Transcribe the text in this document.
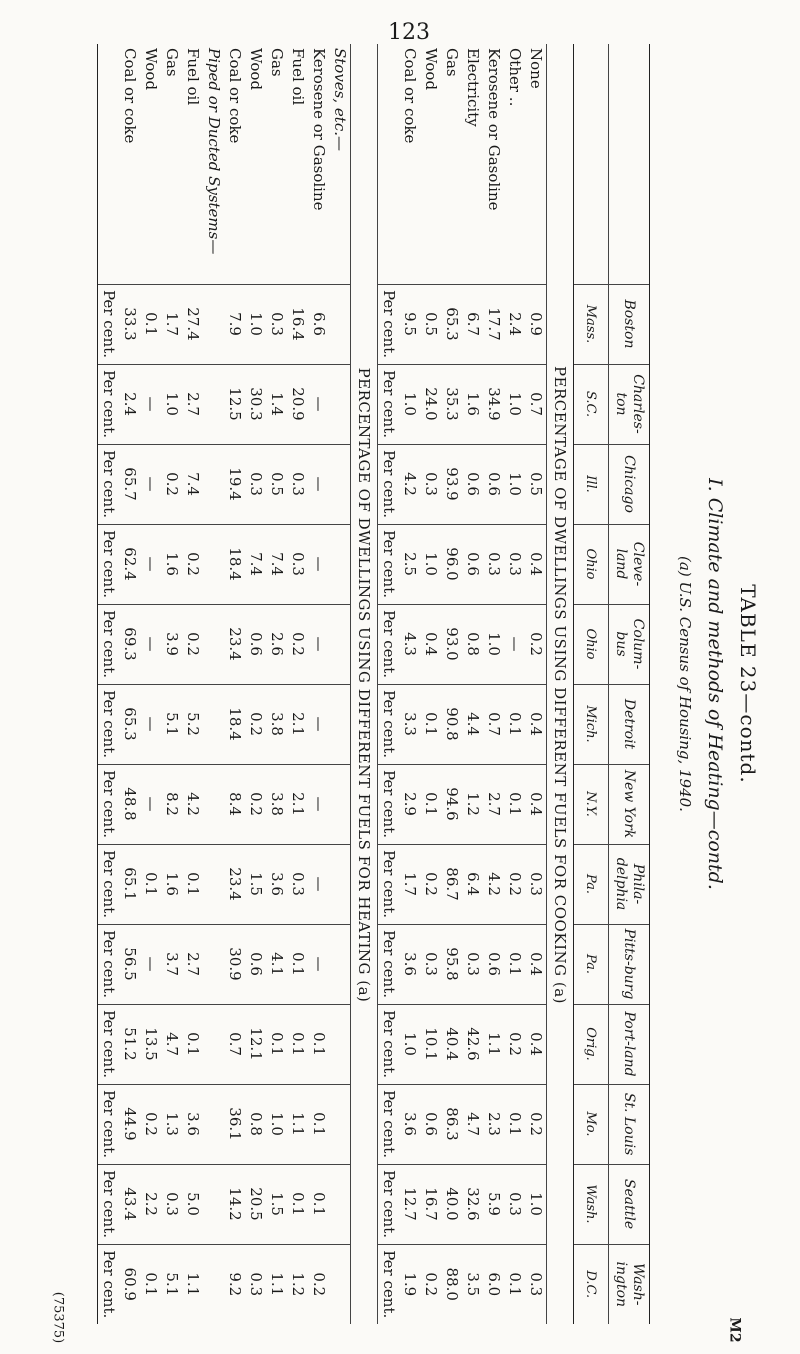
123
M2
(75375)
TABLE 23—contd.
I. Climate and methods of Heating—contd.
(a) U.S. Census of Housing, 1940.
	Boston	Charles-ton	Chicago	Cleve-land	Colum-bus	Detroit	New York	Phila-delphia	Pitts-burg	Port-land	St. Louis	Seattle	Wash-ington
	Mass.	S.C.	Ill.	Ohio	Ohio	Mich.	N.Y.	Pa.	Pa.	Orig.	Mo.	Wash.	D.C.
PERCENTAGE OF DWELLINGS USING DIFFERENT FUELS FOR COOKING (a)													
None	0.9	0.7	0.5	0.4	0.2	0.4	0.4	0.3	0.4	0.4	0.2	1.0	0.3
Other ..	2.4	1.0	1.0	0.3	—	0.1	0.1	0.2	0.1	0.2	0.1	0.3	0.1
Kerosene or Gasoline	17.7	34.9	0.6	0.3	1.0	0.7	2.7	4.2	0.6	1.1	2.3	5.9	6.0
Electricity	6.7	1.6	0.6	0.6	0.8	4.4	1.2	6.4	0.3	42.6	4.7	32.6	3.5
Gas	65.3	35.3	93.9	96.0	93.0	90.8	94.6	86.7	95.8	40.4	86.3	40.0	88.0
Wood	0.5	24.0	0.3	1.0	0.4	0.1	0.1	0.2	0.3	10.1	0.6	16.7	0.2
Coal or coke	9.5	1.0	4.2	2.5	4.3	3.3	2.9	1.7	3.6	1.0	3.6	12.7	1.9
	Per cent.	Per cent.	Per cent.	Per cent.	Per cent.	Per cent.	Per cent.	Per cent.	Per cent.	Per cent.	Per cent.	Per cent.	Per cent.
PERCENTAGE OF DWELLINGS USING DIFFERENT FUELS FOR HEATING (a)													
Stoves, etc.—													
Kerosene or Gasoline	6.6	—	—	—	—	—	—	—	—	0.1	0.1	0.1	0.2
Fuel oil	16.4	20.9	0.3	0.3	0.2	2.1	2.1	0.3	0.1	0.1	1.1	0.1	1.2
Gas	0.3	1.4	0.5	7.4	2.6	3.8	3.8	3.6	4.1	0.1	1.0	1.5	1.1
Wood	1.0	30.3	0.3	7.4	0.6	0.2	0.2	1.5	0.6	12.1	0.8	20.5	0.3
Coal or coke	7.9	12.5	19.4	18.4	23.4	18.4	8.4	23.4	30.9	0.7	36.1	14.2	9.2
Piped or Ducted Systems—													
Fuel oil	27.4	2.7	7.4	0.2	0.2	5.2	4.2	0.1	2.7	0.1	3.6	5.0	1.1
Gas	1.7	1.0	0.2	1.6	3.9	5.1	8.2	1.6	3.7	4.7	1.3	0.3	5.1
Wood	0.1	—	—	—	—	—	—	0.1	—	13.5	0.2	2.2	0.1
Coal or coke	33.3	2.4	65.7	62.4	69.3	65.3	48.8	65.1	56.5	51.2	44.9	43.4	60.9
	Per cent.	Per cent.	Per cent.	Per cent.	Per cent.	Per cent.	Per cent.	Per cent.	Per cent.	Per cent.	Per cent.	Per cent.	Per cent.
